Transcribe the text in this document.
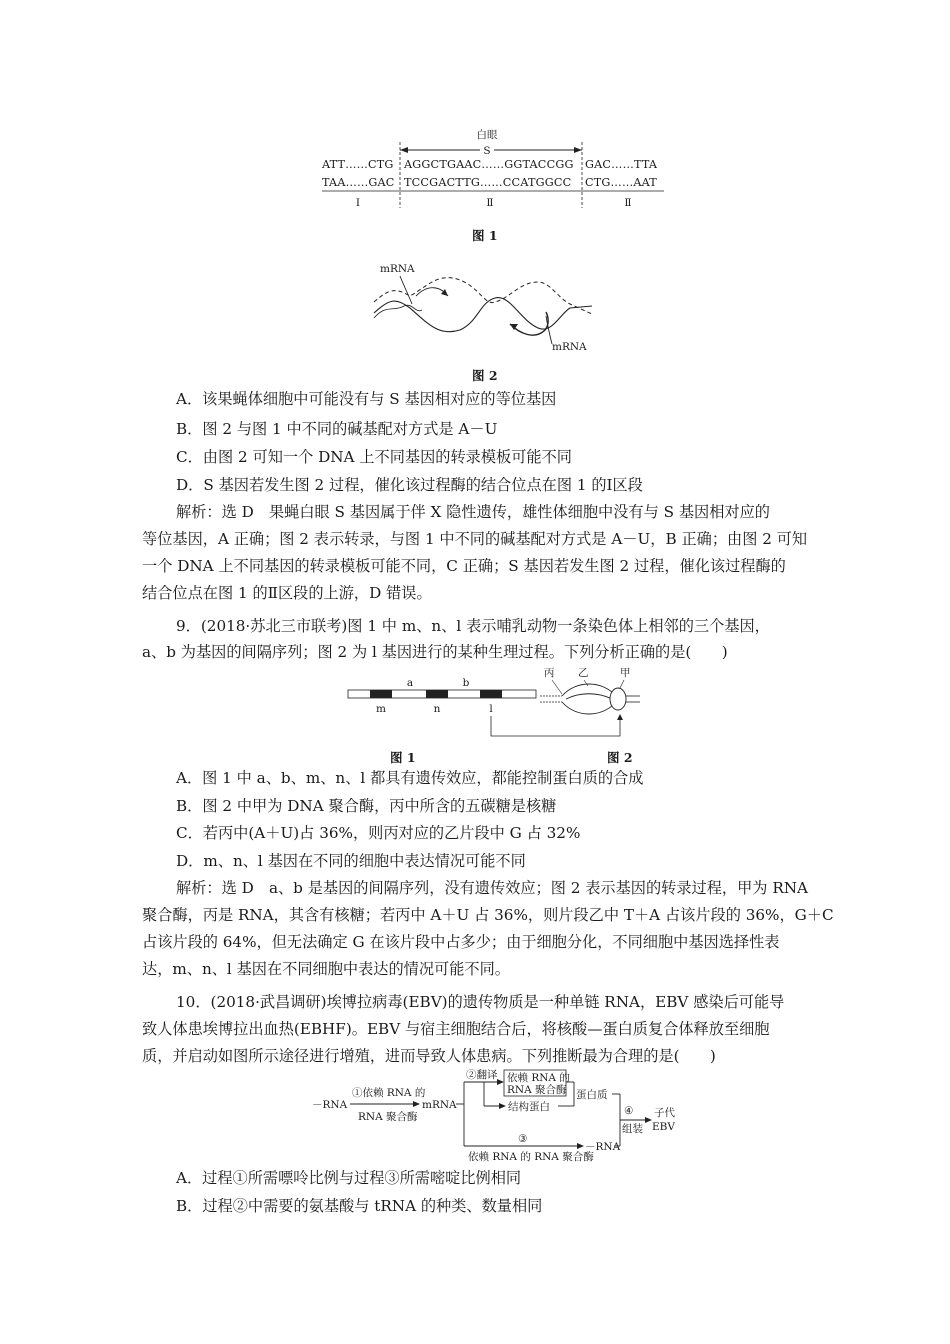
白眼
S
ATT……CTG AGGCTGAAC……GGTACCGG GAC……TTA
TAA……GAC TCCGACTTG……CCATGGCC CTG……AAT
Ⅰ	Ⅱ	Ⅱ
图 1
mRNA
mRNA
图 2
A．该果蝇体细胞中可能没有与 S 基因相对应的等位基因
B．图 2 与图 1 中不同的碱基配对方式是 A－U
C．由图 2 可知一个 DNA 上不同基因的转录模板可能不同
D．S 基因若发生图 2 过程，催化该过程酶的结合位点在图 1 的Ⅰ区段
解析：选 D　果蝇白眼 S 基因属于伴 X 隐性遗传，雄性体细胞中没有与 S 基因相对应的
等位基因，A 正确；图 2 表示转录，与图 1 中不同的碱基配对方式是 A－U，B 正确；由图 2 可知
一个 DNA 上不同基因的转录模板可能不同，C 正确；S 基因若发生图 2 过程，催化该过程酶的
结合位点在图 1 的Ⅱ区段的上游，D 错误。
9．(2018·苏北三市联考)图 1 中 m、n、l 表示哺乳动物一条染色体上相邻的三个基因，
a、b 为基因的间隔序列；图 2 为 l 基因进行的某种生理过程。下列分析正确的是(　　)
a	b
m	n	l
丙 乙	甲
图 1	图 2
A．图 1 中 a、b、m、n、l 都具有遗传效应，都能控制蛋白质的合成
B．图 2 中甲为 DNA 聚合酶，丙中所含的五碳糖是核糖
C．若丙中(A＋U)占 36%，则丙对应的乙片段中 G 占 32%
D．m、n、l 基因在不同的细胞中表达情况可能不同
解析：选 D　a、b 是基因的间隔序列，没有遗传效应；图 2 表示基因的转录过程，甲为 RNA
聚合酶，丙是 RNA，其含有核糖；若丙中 A＋U 占 36%，则片段乙中 T＋A 占该片段的 36%，G＋C
占该片段的 64%，但无法确定 G 在该片段中占多少；由于细胞分化，不同细胞中基因选择性表
达，m、n、l 基因在不同细胞中表达的情况可能不同。
10．(2018·武昌调研)埃博拉病毒(EBV)的遗传物质是一种单链 RNA，EBV 感染后可能导
致人体患埃博拉出血热(EBHF)。EBV 与宿主细胞结合后，将核酸—蛋白质复合体释放至细胞
质，并启动如图所示途径进行增殖，进而导致人体患病。下列推断最为合理的是(　　)
－RNA
①依赖 RNA 的
RNA 聚合酶
mRNA
②翻译 依赖 RNA 的
RNA 聚合酶
结构蛋白
蛋白质
④
组装
子代
EBV
③
依赖 RNA 的 RNA 聚合酶
－RNA
A．过程①所需嘌呤比例与过程③所需嘧啶比例相同
B．过程②中需要的氨基酸与 tRNA 的种类、数量相同
